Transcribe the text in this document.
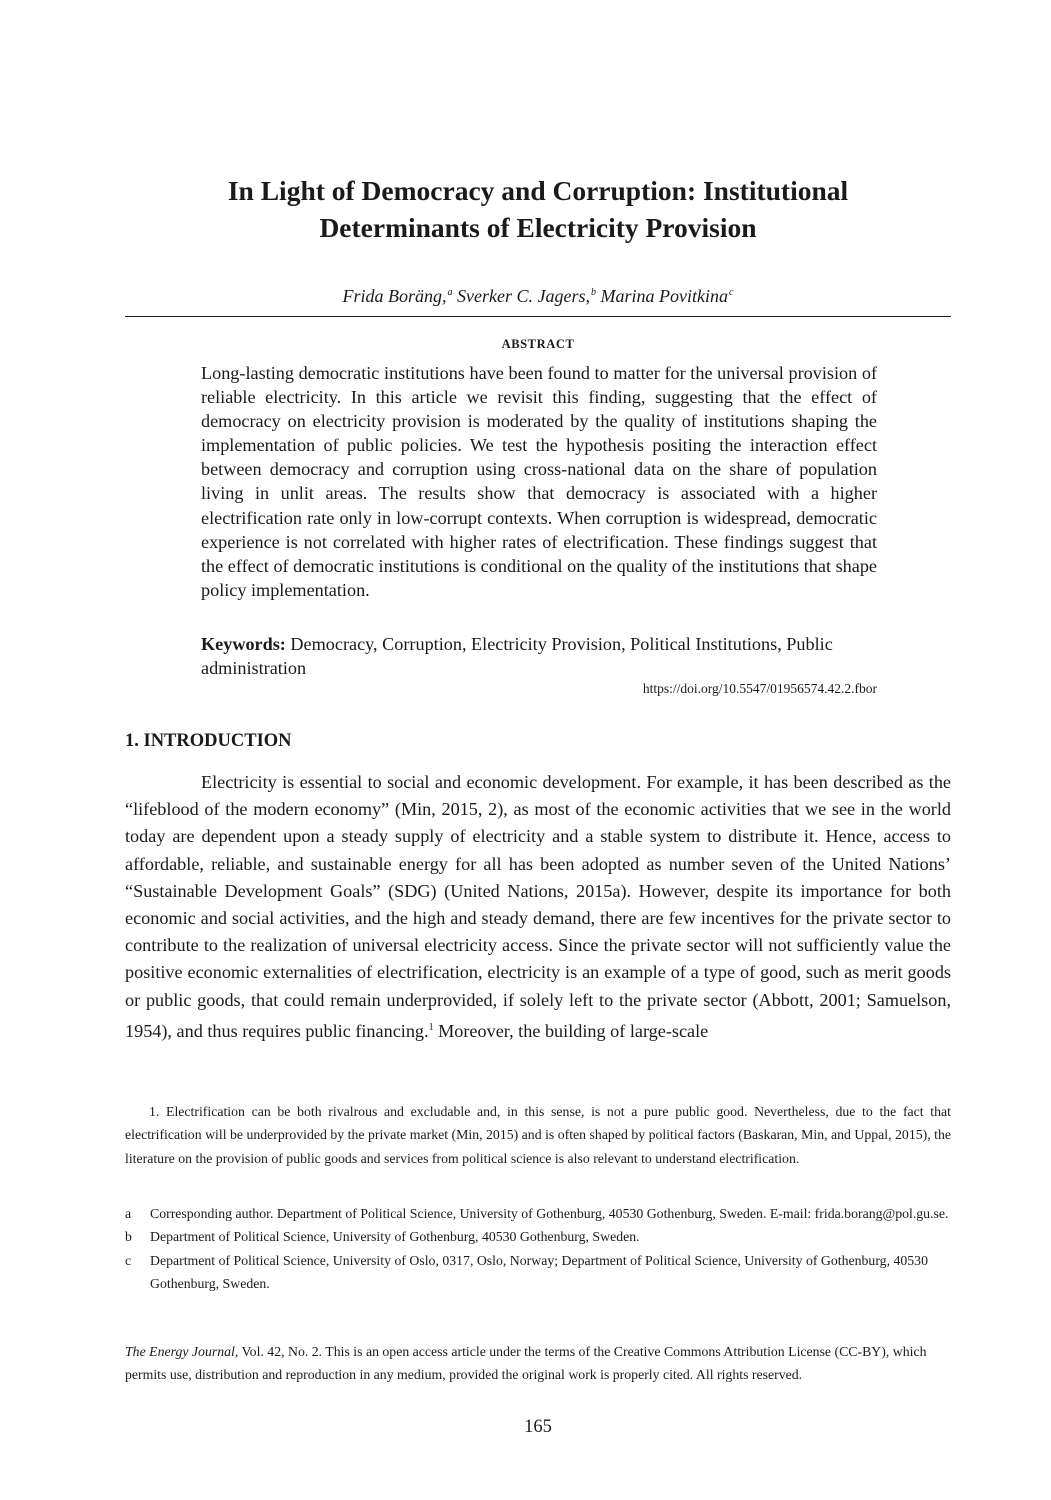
In Light of Democracy and Corruption: Institutional
Determinants of Electricity Provision
Frida Boräng,$^a$ Sverker C. Jagers,$^b$ Marina Povitkina$^c$
ABSTRACT

Long-lasting democratic institutions have been found to matter for the universal provision of reliable electricity. In this article we revisit this finding, suggesting that the effect of democracy on electricity provision is moderated by the quality of institutions shaping the implementation of public policies. We test the hypothesis positing the interaction effect between democracy and corruption using cross-national data on the share of population living in unlit areas. The results show that democracy is associated with a higher electrification rate only in low-corrupt contexts. When corruption is widespread, democratic experience is not correlated with higher rates of electrification. These findings suggest that the effect of democratic institutions is conditional on the quality of the institutions that shape policy implementation.

Keywords: Democracy, Corruption, Electricity Provision, Political Institutions, Public administration

https://doi.org/10.5547/01956574.42.2.fbor
1. INTRODUCTION

Electricity is essential to social and economic development. For example, it has been described as the “lifeblood of the modern economy” (Min, 2015, 2), as most of the economic activities that we see in the world today are dependent upon a steady supply of electricity and a stable system to distribute it. Hence, access to affordable, reliable, and sustainable energy for all has been adopted as number seven of the United Nations’ “Sustainable Development Goals” (SDG) (United Nations, 2015a). However, despite its importance for both economic and social activities, and the high and steady demand, there are few incentives for the private sector to contribute to the realization of universal electricity access. Since the private sector will not sufficiently value the positive economic externalities of electrification, electricity is an example of a type of good, such as merit goods or public goods, that could remain underprovided, if solely left to the private sector (Abbott, 2001; Samuelson, 1954), and thus requires public financing.$^1$ Moreover, the building of large-scale

1. Electrification can be both rivalrous and excludable and, in this sense, is not a pure public good. Nevertheless, due to the fact that electrification will be underprovided by the private market (Min, 2015) and is often shaped by political factors (Baskaran, Min, and Uppal, 2015), the literature on the provision of public goods and services from political science is also relevant to understand electrification.

a	Corresponding author. Department of Political Science, University of Gothenburg, 40530 Gothenburg, Sweden. E-mail: frida.borang@pol.gu.se.
b	Department of Political Science, University of Gothenburg, 40530 Gothenburg, Sweden.
c	Department of Political Science, University of Oslo, 0317, Oslo, Norway; Department of Political Science, University of Gothenburg, 40530 Gothenburg, Sweden.

The Energy Journal, Vol. 42, No. 2. This is an open access article under the terms of the Creative Commons Attribution License (CC-BY), which permits use, distribution and reproduction in any medium, provided the original work is properly cited. All rights reserved.

165
